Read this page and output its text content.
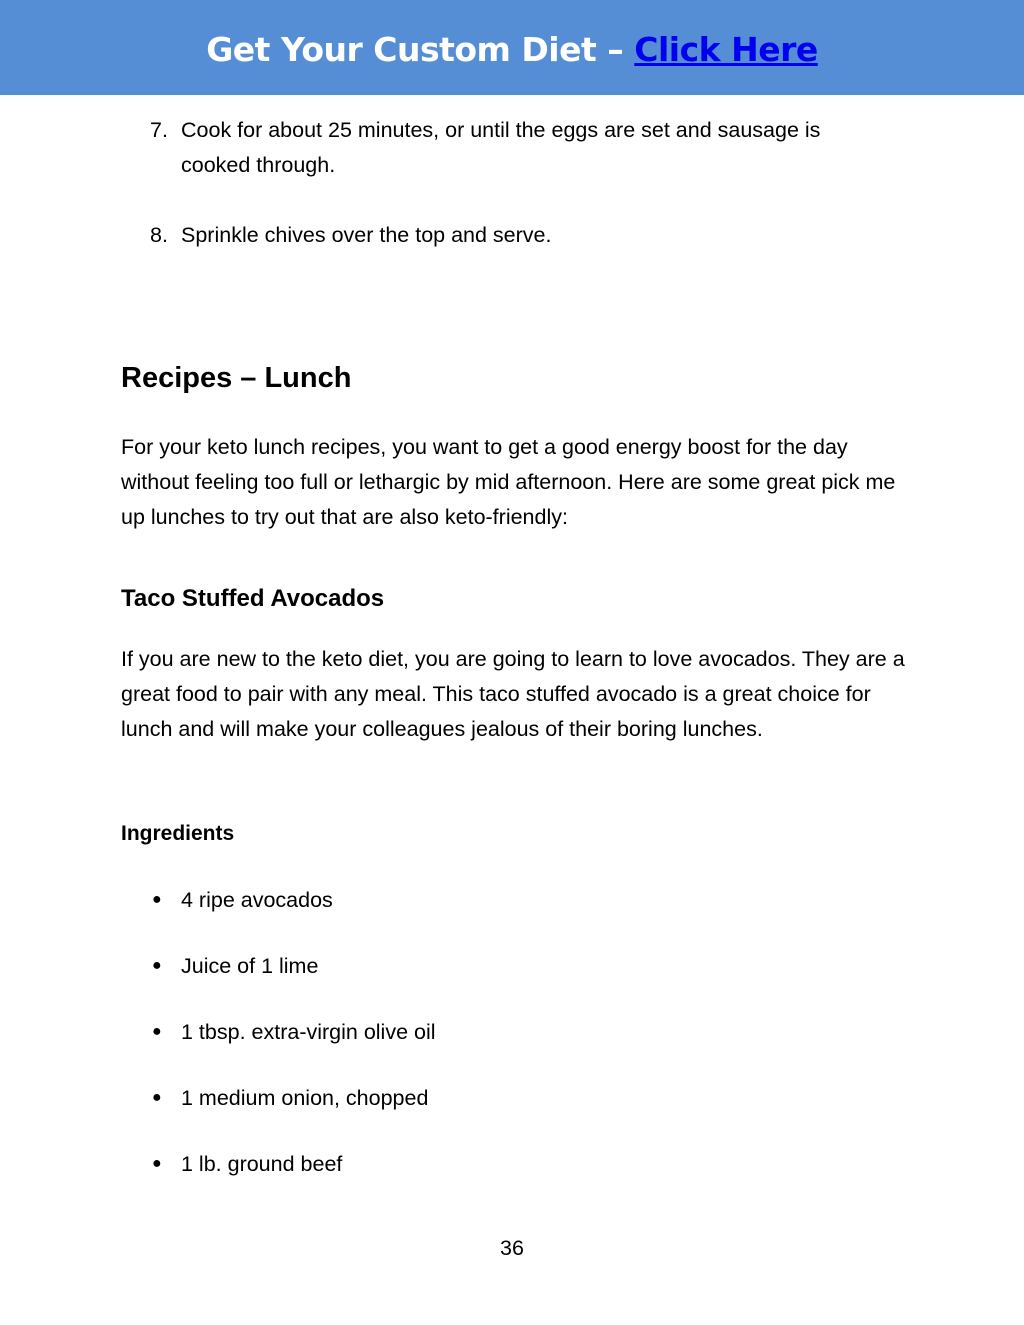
Get Your Custom Diet – Click Here
7. Cook for about 25 minutes, or until the eggs are set and sausage is cooked through.
8. Sprinkle chives over the top and serve.
Recipes – Lunch
For your keto lunch recipes, you want to get a good energy boost for the day without feeling too full or lethargic by mid afternoon. Here are some great pick me up lunches to try out that are also keto-friendly:
Taco Stuffed Avocados
If you are new to the keto diet, you are going to learn to love avocados. They are a great food to pair with any meal. This taco stuffed avocado is a great choice for lunch and will make your colleagues jealous of their boring lunches.
Ingredients
● 4 ripe avocados
● Juice of 1 lime
● 1 tbsp. extra-virgin olive oil
● 1 medium onion, chopped
● 1 lb. ground beef
36
